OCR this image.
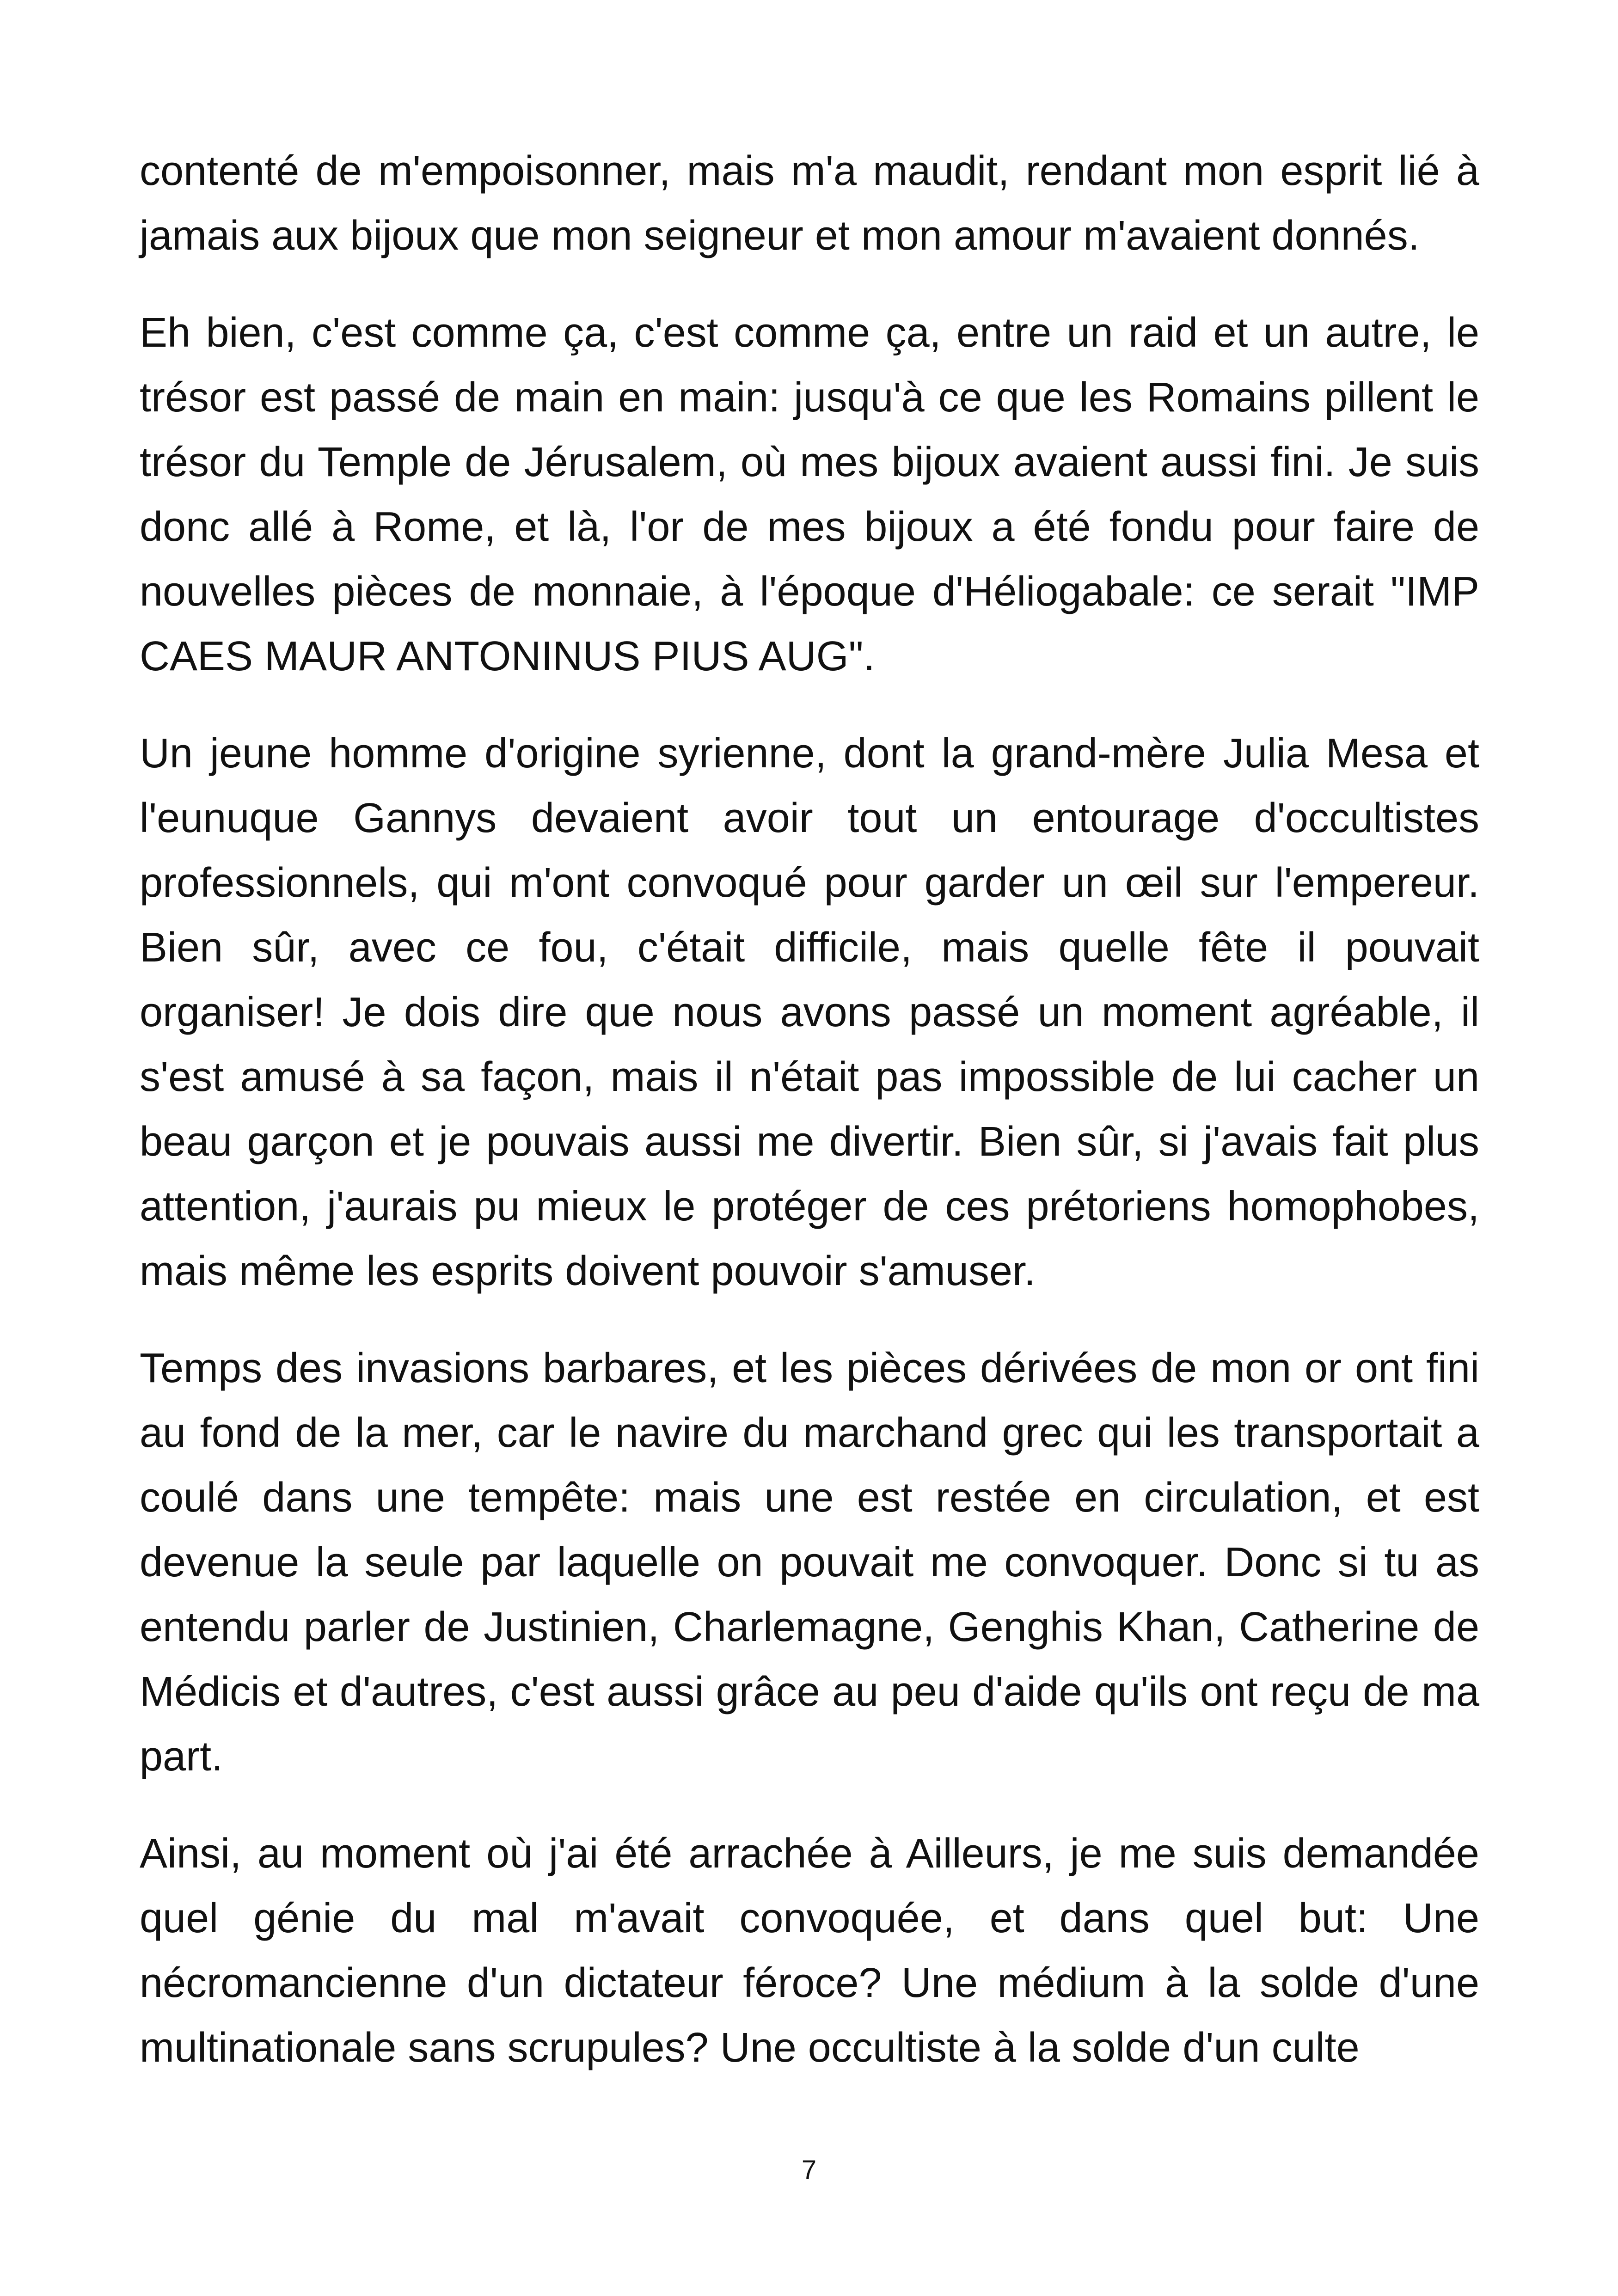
contenté de m'empoisonner, mais m'a maudit, rendant mon esprit lié à jamais aux bijoux que mon seigneur et mon amour m'avaient donnés.

Eh bien, c'est comme ça, c'est comme ça, entre un raid et un autre, le trésor est passé de main en main: jusqu'à ce que les Romains pillent le trésor du Temple de Jérusalem, où mes bijoux avaient aussi fini. Je suis donc allé à Rome, et là, l'or de mes bijoux a été fondu pour faire de nouvelles pièces de monnaie, à l'époque d'Héliogabale: ce serait "IMP CAES MAUR ANTONINUS PIUS AUG".

Un jeune homme d'origine syrienne, dont la grand-mère Julia Mesa et l'eunuque Gannys devaient avoir tout un entourage d'occultistes professionnels, qui m'ont convoqué pour garder un œil sur l'empereur. Bien sûr, avec ce fou, c'était difficile, mais quelle fête il pouvait organiser! Je dois dire que nous avons passé un moment agréable, il s'est amusé à sa façon, mais il n'était pas impossible de lui cacher un beau garçon et je pouvais aussi me divertir. Bien sûr, si j'avais fait plus attention, j'aurais pu mieux le protéger de ces prétoriens homophobes, mais même les esprits doivent pouvoir s'amuser.

Temps des invasions barbares, et les pièces dérivées de mon or ont fini au fond de la mer, car le navire du marchand grec qui les transportait a coulé dans une tempête: mais une est restée en circulation, et est devenue la seule par laquelle on pouvait me convoquer. Donc si tu as entendu parler de Justinien, Charlemagne, Genghis Khan, Catherine de Médicis et d'autres, c'est aussi grâce au peu d'aide qu'ils ont reçu de ma part.

Ainsi, au moment où j'ai été arrachée à Ailleurs, je me suis demandée quel génie du mal m'avait convoquée, et dans quel but: Une nécromancienne d'un dictateur féroce? Une médium à la solde d'une multinationale sans scrupules? Une occultiste à la solde d'un culte

7
